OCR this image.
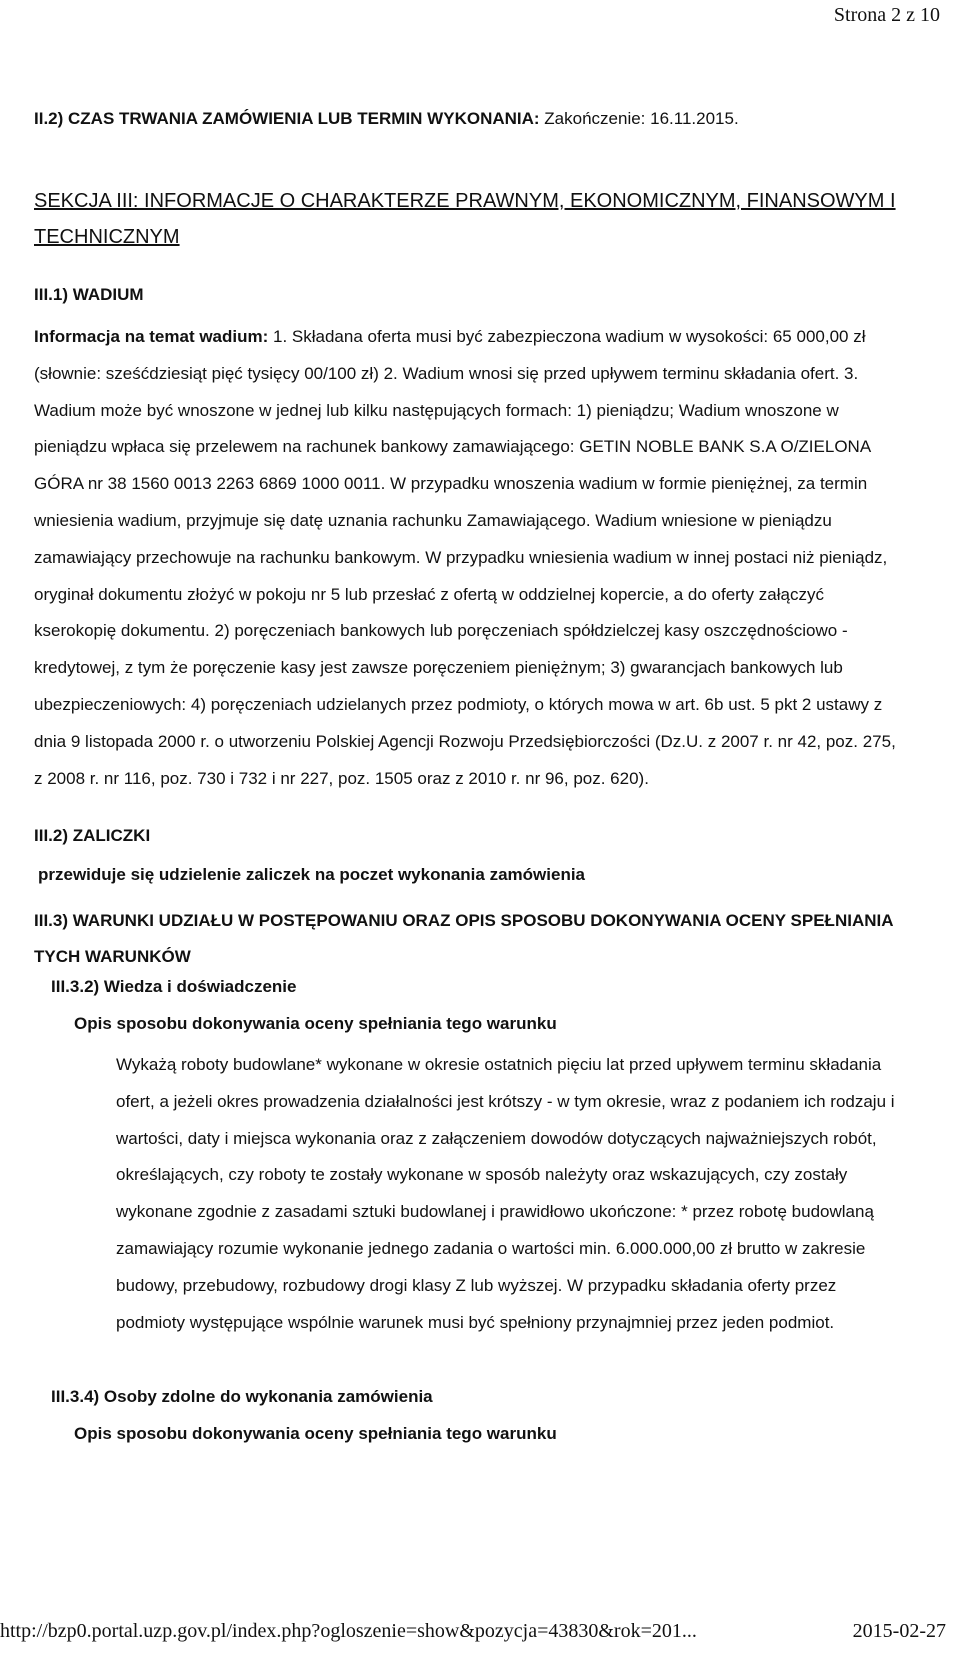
Strona 2 z 10
II.2) CZAS TRWANIA ZAMÓWIENIA LUB TERMIN WYKONANIA: Zakończenie: 16.11.2015.
SEKCJA III: INFORMACJE O CHARAKTERZE PRAWNYM, EKONOMICZNYM, FINANSOWYM I TECHNICZNYM
III.1) WADIUM

Informacja na temat wadium: 1. Składana oferta musi być zabezpieczona wadium w wysokości: 65 000,00 zł (słownie: sześćdziesiąt pięć tysięcy 00/100 zł) 2. Wadium wnosi się przed upływem terminu składania ofert. 3. Wadium może być wnoszone w jednej lub kilku następujących formach: 1) pieniądzu; Wadium wnoszone w pieniądzu wpłaca się przelewem na rachunek bankowy zamawiającego: GETIN NOBLE BANK S.A O/ZIELONA GÓRA nr 38 1560 0013 2263 6869 1000 0011. W przypadku wnoszenia wadium w formie pieniężnej, za termin wniesienia wadium, przyjmuje się datę uznania rachunku Zamawiającego. Wadium wniesione w pieniądzu zamawiający przechowuje na rachunku bankowym. W przypadku wniesienia wadium w innej postaci niż pieniądz, oryginał dokumentu złożyć w pokoju nr 5 lub przesłać z ofertą w oddzielnej kopercie, a do oferty załączyć kserokopię dokumentu. 2) poręczeniach bankowych lub poręczeniach spółdzielczej kasy oszczędnościowo - kredytowej, z tym że poręczenie kasy jest zawsze poręczeniem pieniężnym; 3) gwarancjach bankowych lub ubezpieczeniowych: 4) poręczeniach udzielanych przez podmioty, o których mowa w art. 6b ust. 5 pkt 2 ustawy z dnia 9 listopada 2000 r. o utworzeniu Polskiej Agencji Rozwoju Przedsiębiorczości (Dz.U. z 2007 r. nr 42, poz. 275, z 2008 r. nr 116, poz. 730 i 732 i nr 227, poz. 1505 oraz z 2010 r. nr 96, poz. 620).

III.2) ZALICZKI
przewiduje się udzielenie zaliczek na poczet wykonania zamówienia
III.3) WARUNKI UDZIAŁU W POSTĘPOWANIU ORAZ OPIS SPOSOBU DOKONYWANIA OCENY SPEŁNIANIA TYCH WARUNKÓW
III.3.2) Wiedza i doświadczenie
Opis sposobu dokonywania oceny spełniania tego warunku

Wykażą roboty budowlane* wykonane w okresie ostatnich pięciu lat przed upływem terminu składania ofert, a jeżeli okres prowadzenia działalności jest krótszy - w tym okresie, wraz z podaniem ich rodzaju i wartości, daty i miejsca wykonania oraz z załączeniem dowodów dotyczących najważniejszych robót, określających, czy roboty te zostały wykonane w sposób należyty oraz wskazujących, czy zostały wykonane zgodnie z zasadami sztuki budowlanej i prawidłowo ukończone: * przez robotę budowlaną zamawiający rozumie wykonanie jednego zadania o wartości min. 6.000.000,00 zł brutto w zakresie budowy, przebudowy, rozbudowy drogi klasy Z lub wyższej. W przypadku składania oferty przez podmioty występujące wspólnie warunek musi być spełniony przynajmniej przez jeden podmiot.

III.3.4) Osoby zdolne do wykonania zamówienia
Opis sposobu dokonywania oceny spełniania tego warunku
http://bzp0.portal.uzp.gov.pl/index.php?ogloszenie=show&pozycja=43830&rok=201...	2015-02-27
